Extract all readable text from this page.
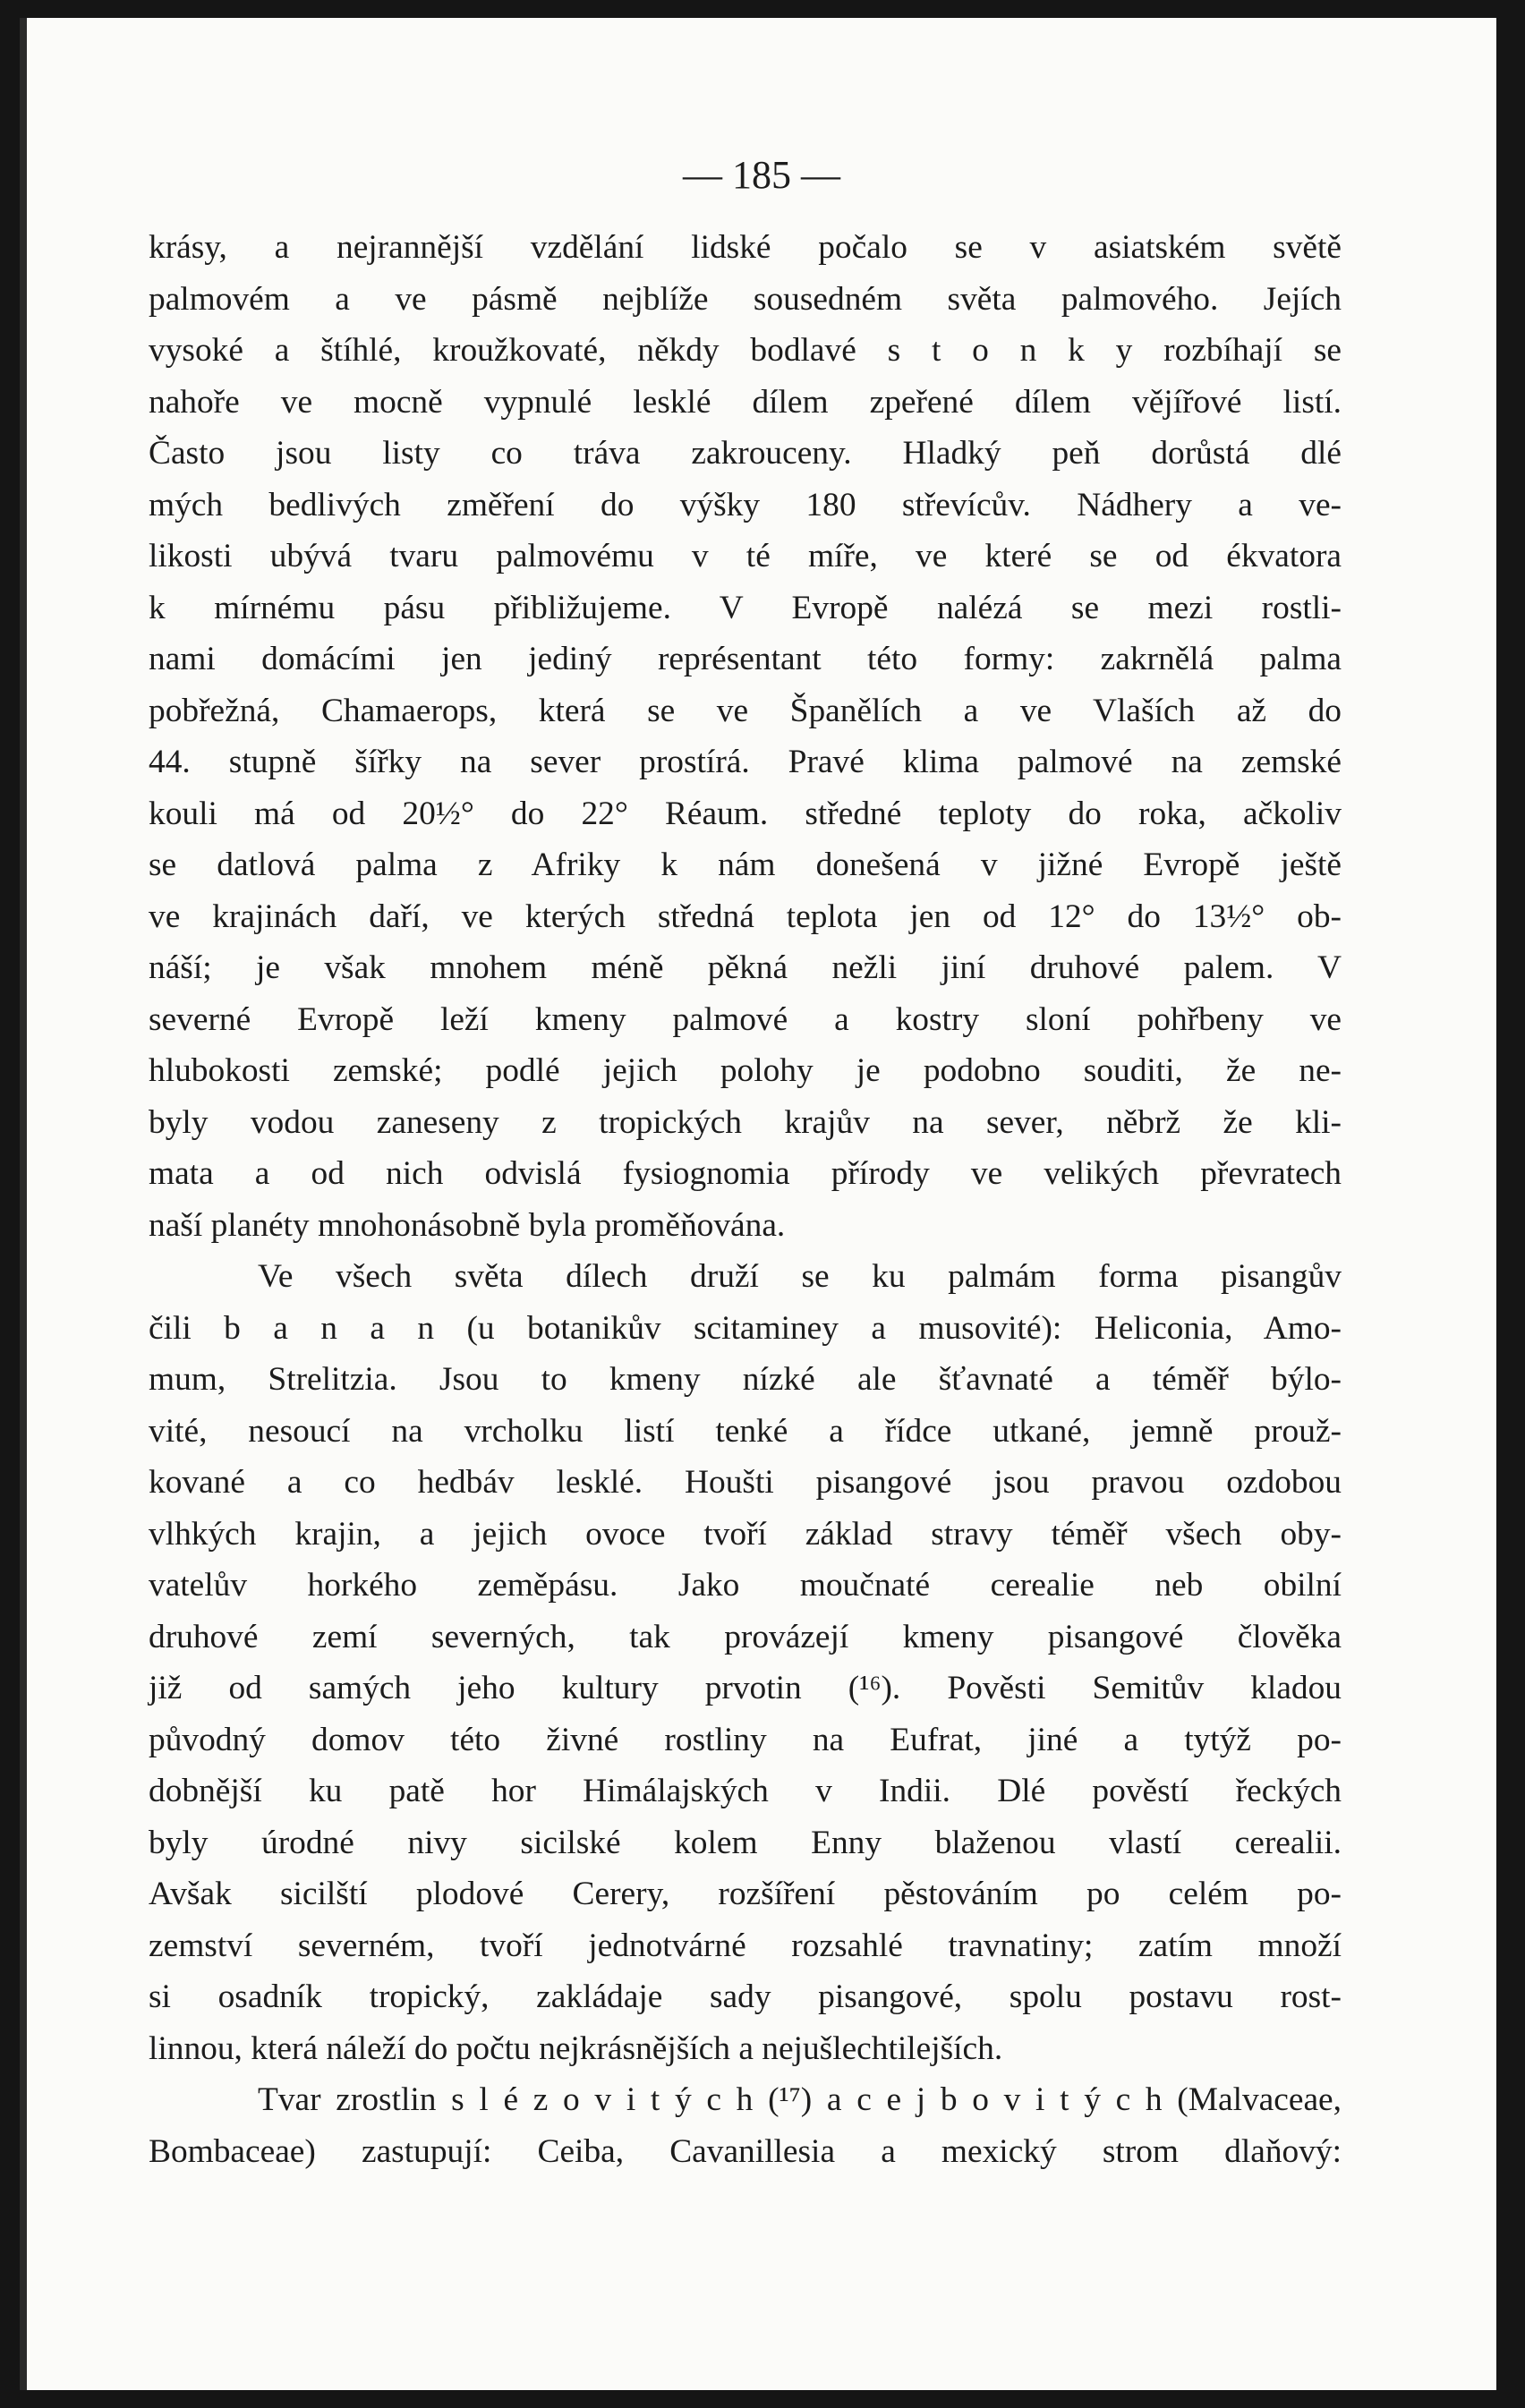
— 185 —
krásy, a nejrannější vzdělání lidské počalo se v asiatském světě
palmovém a ve pásmě nejblíže sousedném světa palmového. Jejích
vysoké a štíhlé, kroužkovaté, někdy bodlavé s t o n k y rozbíhají se
nahoře ve mocně vypnulé lesklé dílem zpeřené dílem vějířové listí.
Často jsou listy co tráva zakrouceny. Hladký peň dorůstá dlé
mých bedlivých změření do výšky 180 střevícův. Nádhery a ve-
likosti ubývá tvaru palmovému v té míře, ve které se od ékvatora
k mírnému pásu přibližujeme. V Evropě nalézá se mezi rostli-
nami domácími jen jediný représentant této formy: zakrnělá palma
pobřežná, Chamaerops, která se ve Španělích a ve Vlaších až do
44. stupně šířky na sever prostírá. Pravé klima palmové na zemské
kouli má od 20½° do 22° Réaum. středné teploty do roka, ačkoliv
se datlová palma z Afriky k nám donešená v jižné Evropě ještě
ve krajinách daří, ve kterých středná teplota jen od 12° do 13½° ob-
náší; je však mnohem méně pěkná nežli jiní druhové palem. V
severné Evropě leží kmeny palmové a kostry sloní pohřbeny ve
hlubokosti zemské; podlé jejich polohy je podobno souditi, že ne-
byly vodou zaneseny z tropických krajův na sever, něbrž že kli-
mata a od nich odvislá fysiognomia přírody ve velikých převratech
naší planéty mnohonásobně byla proměňována.
Ve všech světa dílech druží se ku palmám forma pisangův
čili b a n a n (u botanikův scitaminey a musovité): Heliconia, Amo-
mum, Strelitzia. Jsou to kmeny nízké ale šťavnaté a téměř býlo-
vité, nesoucí na vrcholku listí tenké a řídce utkané, jemně prouž-
kované a co hedbáv lesklé. Houšti pisangové jsou pravou ozdobou
vlhkých krajin, a jejich ovoce tvoří základ stravy téměř všech oby-
vatelův horkého zeměpásu. Jako moučnaté cerealie neb obilní
druhové zemí severných, tak provázejí kmeny pisangové člověka
již od samých jeho kultury prvotin (¹⁶). Pověsti Semitův kladou
původný domov této živné rostliny na Eufrat, jiné a tytýž po-
dobnější ku patě hor Himálajských v Indii. Dlé pověstí řeckých
byly úrodné nivy sicilské kolem Enny blaženou vlastí cerealii.
Avšak sicilští plodové Cerery, rozšíření pěstováním po celém po-
zemství severném, tvoří jednotvárné rozsahlé travnatiny; zatím množí
si osadník tropický, zakládaje sady pisangové, spolu postavu rost-
linnou, která náleží do počtu nejkrásnějších a nejušlechtilejších.
Tvar zrostlin s l é z o v i t ý c h (¹⁷) a c e j b o v i t ý c h (Malvaceae,
Bombaceae) zastupují: Ceiba, Cavanillesia a mexický strom dlaňový:
